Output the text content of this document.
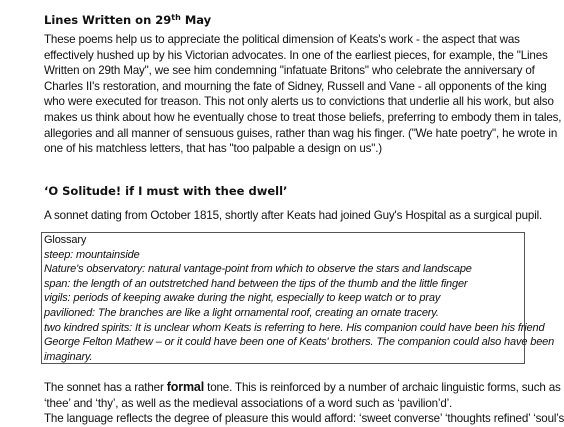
Lines Written on 29th May
These poems help us to appreciate the political dimension of Keats's work - the aspect that was
effectively hushed up by his Victorian advocates. In one of the earliest pieces, for example, the "Lines
Written on 29th May", we see him condemning "infatuate Britons" who celebrate the anniversary of
Charles II's restoration, and mourning the fate of Sidney, Russell and Vane - all opponents of the king
who were executed for treason. This not only alerts us to convictions that underlie all his work, but also
makes us think about how he eventually chose to treat those beliefs, preferring to embody them in tales,
allegories and all manner of sensuous guises, rather than wag his finger. ("We hate poetry", he wrote in
one of his matchless letters, that has "too palpable a design on us".)
‘O Solitude! if I must with thee dwell’
A sonnet dating from October 1815, shortly after Keats had joined Guy's Hospital as a surgical pupil.
Glossary
steep: mountainside
Nature's observatory: natural vantage-point from which to observe the stars and landscape
span: the length of an outstretched hand between the tips of the thumb and the little finger
vigils: periods of keeping awake during the night, especially to keep watch or to pray
pavilioned: The branches are like a light ornamental roof, creating an ornate tracery.
two kindred spirits: It is unclear whom Keats is referring to here. His companion could have been his friend
George Felton Mathew – or it could have been one of Keats' brothers. The companion could also have been
imaginary.
The sonnet has a rather formal tone. This is reinforced by a number of archaic linguistic forms, such as
‘thee’ and ‘thy’, as well as the medieval associations of a word such as ‘pavilion’d’.
The language reflects the degree of pleasure this would afford: ‘sweet converse’ ‘thoughts refined’ ‘soul’s
